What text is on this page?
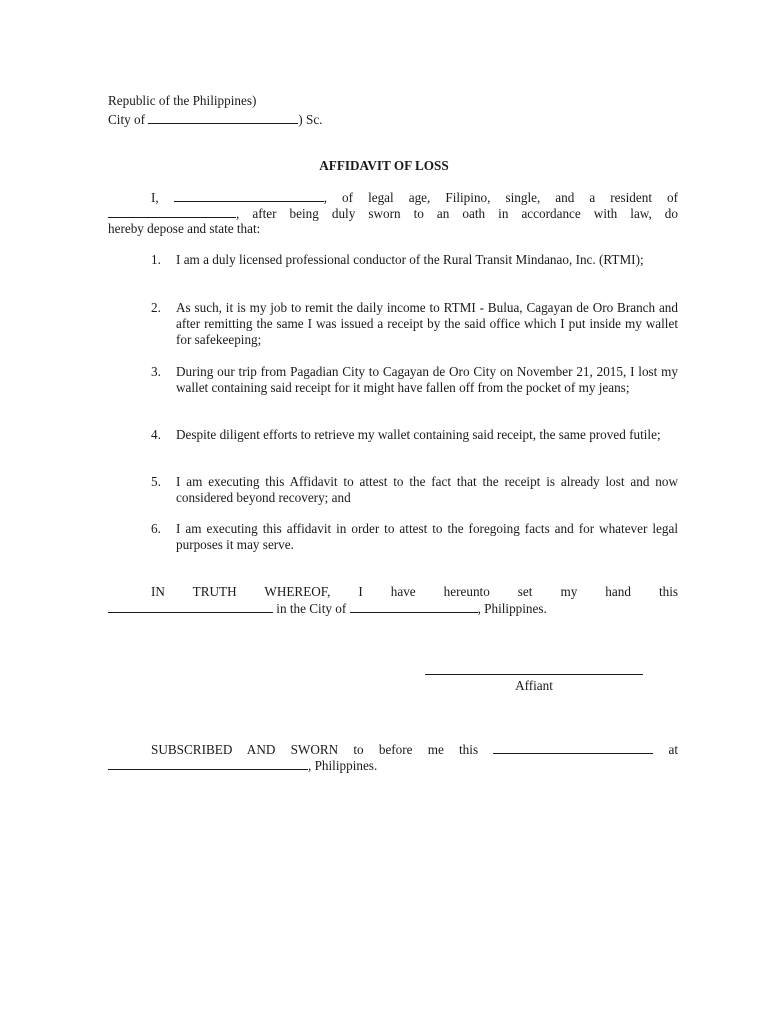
Republic of the Philippines)
City of	) Sc.
AFFIDAVIT OF LOSS
I,	, of legal age, Filipino, single, and a resident of
, after being duly sworn to an oath in accordance with law, do
hereby depose and state that:
1. I am a duly licensed professional conductor of the Rural Transit Mindanao, Inc. (RTMI);
2. As such, it is my job to remit the daily income to RTMI - Bulua, Cagayan de Oro Branch and after remitting the same I was issued a receipt by the said office which I put inside my wallet for safekeeping;
3. During our trip from Pagadian City to Cagayan de Oro City on November 21, 2015, I lost my wallet containing said receipt for it might have fallen off from the pocket of my jeans;
4. Despite diligent efforts to retrieve my wallet containing said receipt, the same proved futile;
5. I am executing this Affidavit to attest to the fact that the receipt is already lost and now considered beyond recovery; and
6. I am executing this affidavit in order to attest to the foregoing facts and for whatever legal purposes it may serve.
IN TRUTH WHEREOF, I have hereunto set my hand this
in the City of	, Philippines.
Affiant
SUBSCRIBED AND SWORN to before me this	at
, Philippines.
